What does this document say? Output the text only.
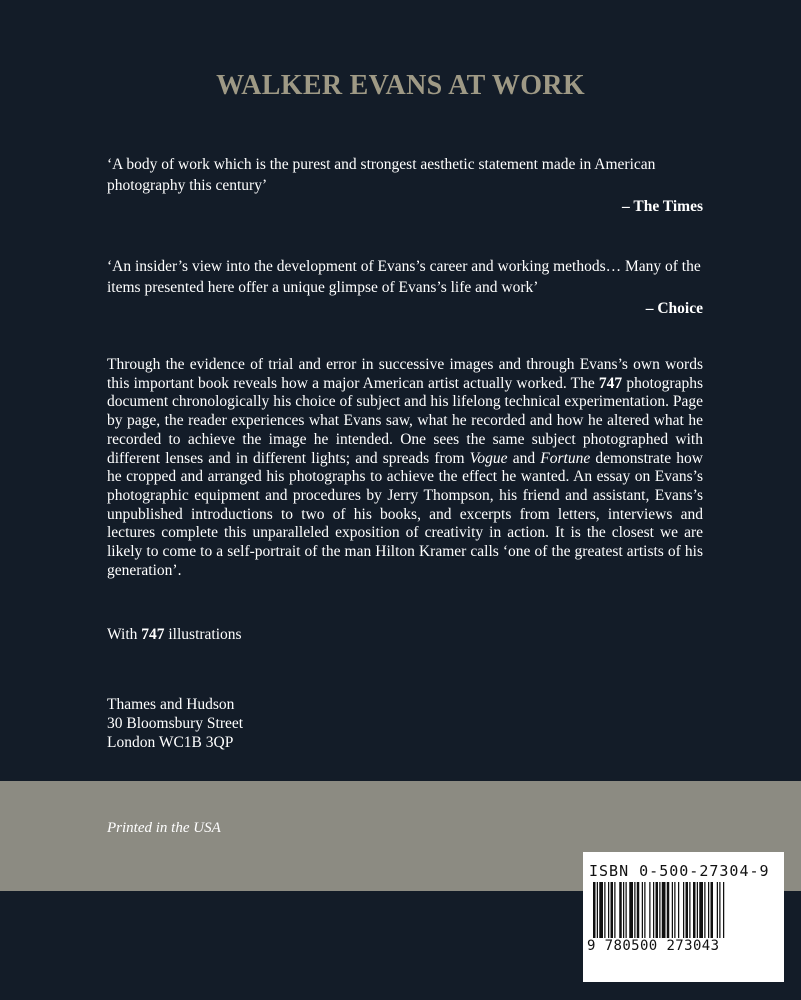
WALKER EVANS AT WORK
‘A body of work which is the purest and strongest aesthetic statement made in American photography this century’
– The Times
‘An insider’s view into the development of Evans’s career and working methods… Many of the items presented here offer a unique glimpse of Evans’s life and work’
– Choice
Through the evidence of trial and error in successive images and through Evans’s own words this important book reveals how a major American artist actually worked. The 747 photographs document chronologically his choice of subject and his lifelong technical experimentation. Page by page, the reader experiences what Evans saw, what he recorded and how he altered what he recorded to achieve the image he intended. One sees the same subject photographed with different lenses and in different lights; and spreads from Vogue and Fortune demonstrate how he cropped and arranged his photographs to achieve the effect he wanted. An essay on Evans’s photographic equipment and procedures by Jerry Thompson, his friend and assistant, Evans’s unpublished introductions to two of his books, and excerpts from letters, interviews and lectures complete this unparalleled exposition of creativity in action. It is the closest we are likely to come to a self-portrait of the man Hilton Kramer calls ‘one of the greatest artists of his generation’.
With 747 illustrations
Thames and Hudson
30 Bloomsbury Street
London WC1B 3QP
Printed in the USA
ISBN 0-500-27304-9
9 780500 273043
